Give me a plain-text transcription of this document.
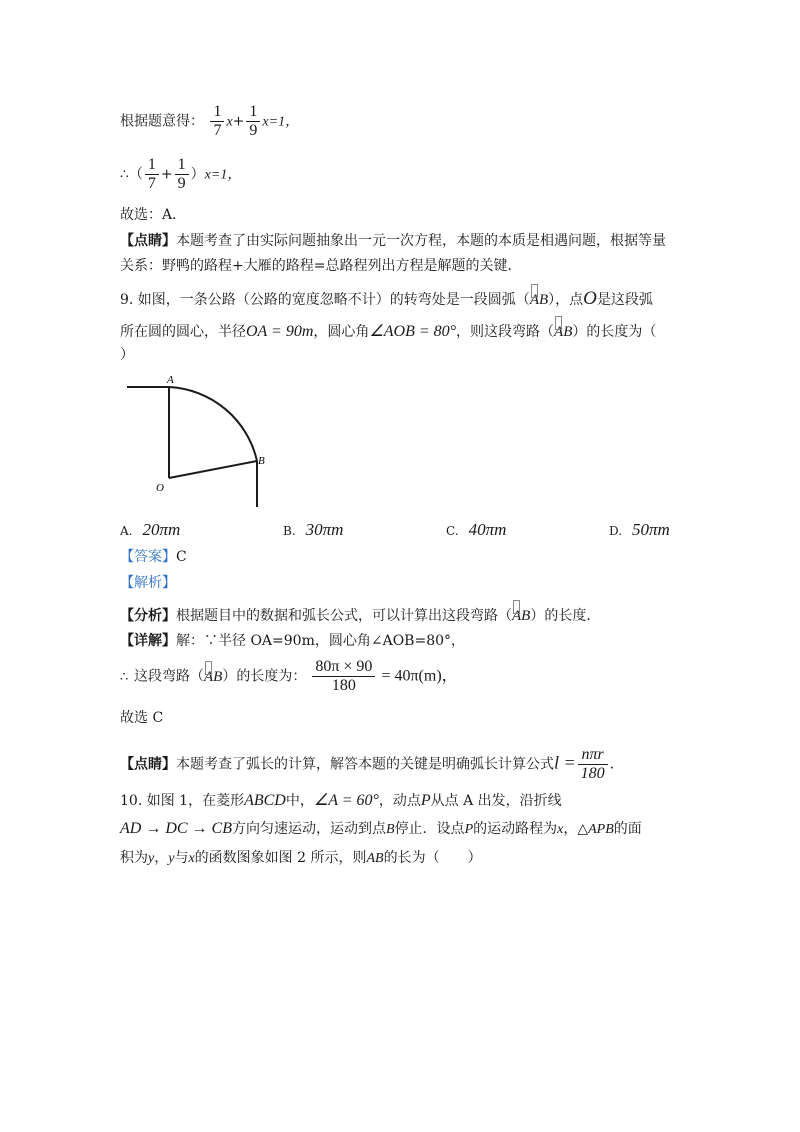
根据题意得： $\frac{1}{7} x+ \frac{1}{9} x=1$，
∴（ $\frac{1}{7} + \frac{1}{9} )x=1$，
故选：A．
【点睛】本题考查了由实际问题抽象出一元一次方程，本题的本质是相遇问题，根据等量
关系：野鸭的路程+大雁的路程=总路程列出方程是解题的关键．
9. 如图，一条公路（公路的宽度忽略不计）的转弯处是一段圆弧（AB），点O是这段弧
所在圆的圆心，半径OA = 90m，圆心角∠AOB = 80°，则这段弯路（AB）的长度为（
）
A
B
O
A. 20πm	B. 30πm	C. 40πm	D. 50πm
【答案】C
【解析】
【分析】根据题目中的数据和弧长公式，可以计算出这段弯路（AB）的长度．
【详解】解：∵半径 OA=90m，圆心角∠AOB=80°，
∴ 这段弯路（AB）的长度为： $\frac{80\pi \times 90}{180} = 40\pi(m)$，
故选 C
【点睛】本题考查了弧长的计算，解答本题的关键是明确弧长计算公式$l = \frac{\text{nπr}}{180}$ ．
10. 如图 1，在菱形ABCD中，∠A = 60°，动点P从点 A 出发，沿折线
AD → DC → CB方向匀速运动，运动到点B停止．设点P的运动路程为x，△APB的面
积为y，y与x的函数图象如图 2 所示，则AB的长为（　　）
